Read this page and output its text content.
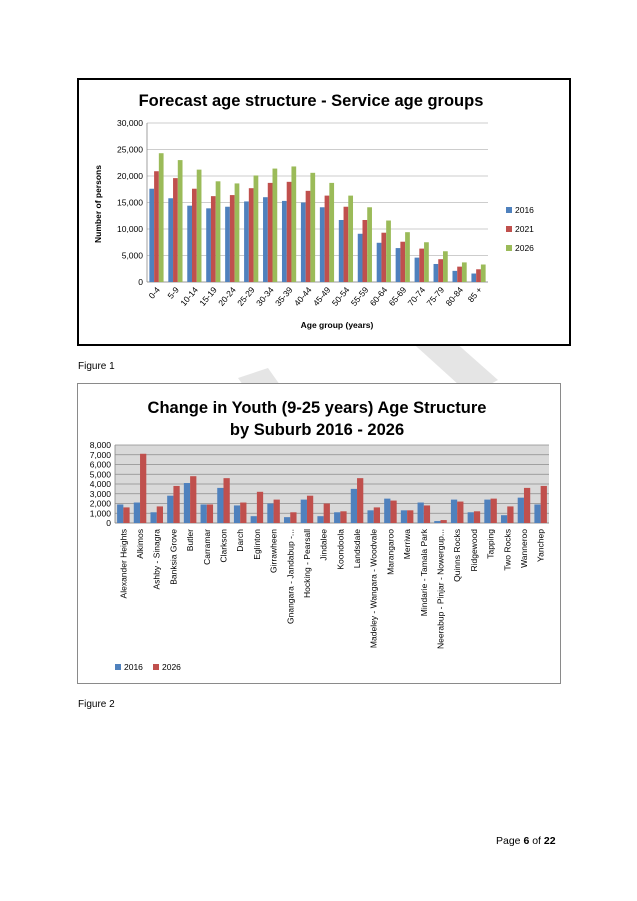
Forecast age structure - Service age groups
0
5,000
10,000
15,000
20,000
25,000
30,000
0-4 5-9
10-14
15-19
20-24
25-29
30-34
35-39
40-44
45-49
50-54
55-59
60-64
65-69
70-74
75-79
80-84 85 +
Number of persons
Age group (years)
2016
2021
2026
Figure 1
Change in Youth (9-25 years) Age Structure
by Suburb 2016 - 2026
0
1,000
2,000
3,000
4,000
5,000
6,000
7,000
8,000
Alexander Heights Alkimos Ashby - Sinagra Banksia Grove Butler Carramar Clarkson Darch Eglinton Girrawheen Gnangara - Jandabup -... Hocking - Pearsall Jindalee Koondoola Landsdale Madeley - Wangara - Woodvale Marangaroo Merriwa Mindarie - Tamala Park Neerabup - Pinjar - Nowergup... Quinns Rocks Ridgewood Tapping Two Rocks Wanneroo Yanchep
2016 2026
Figure 2
Page 6 of 22
